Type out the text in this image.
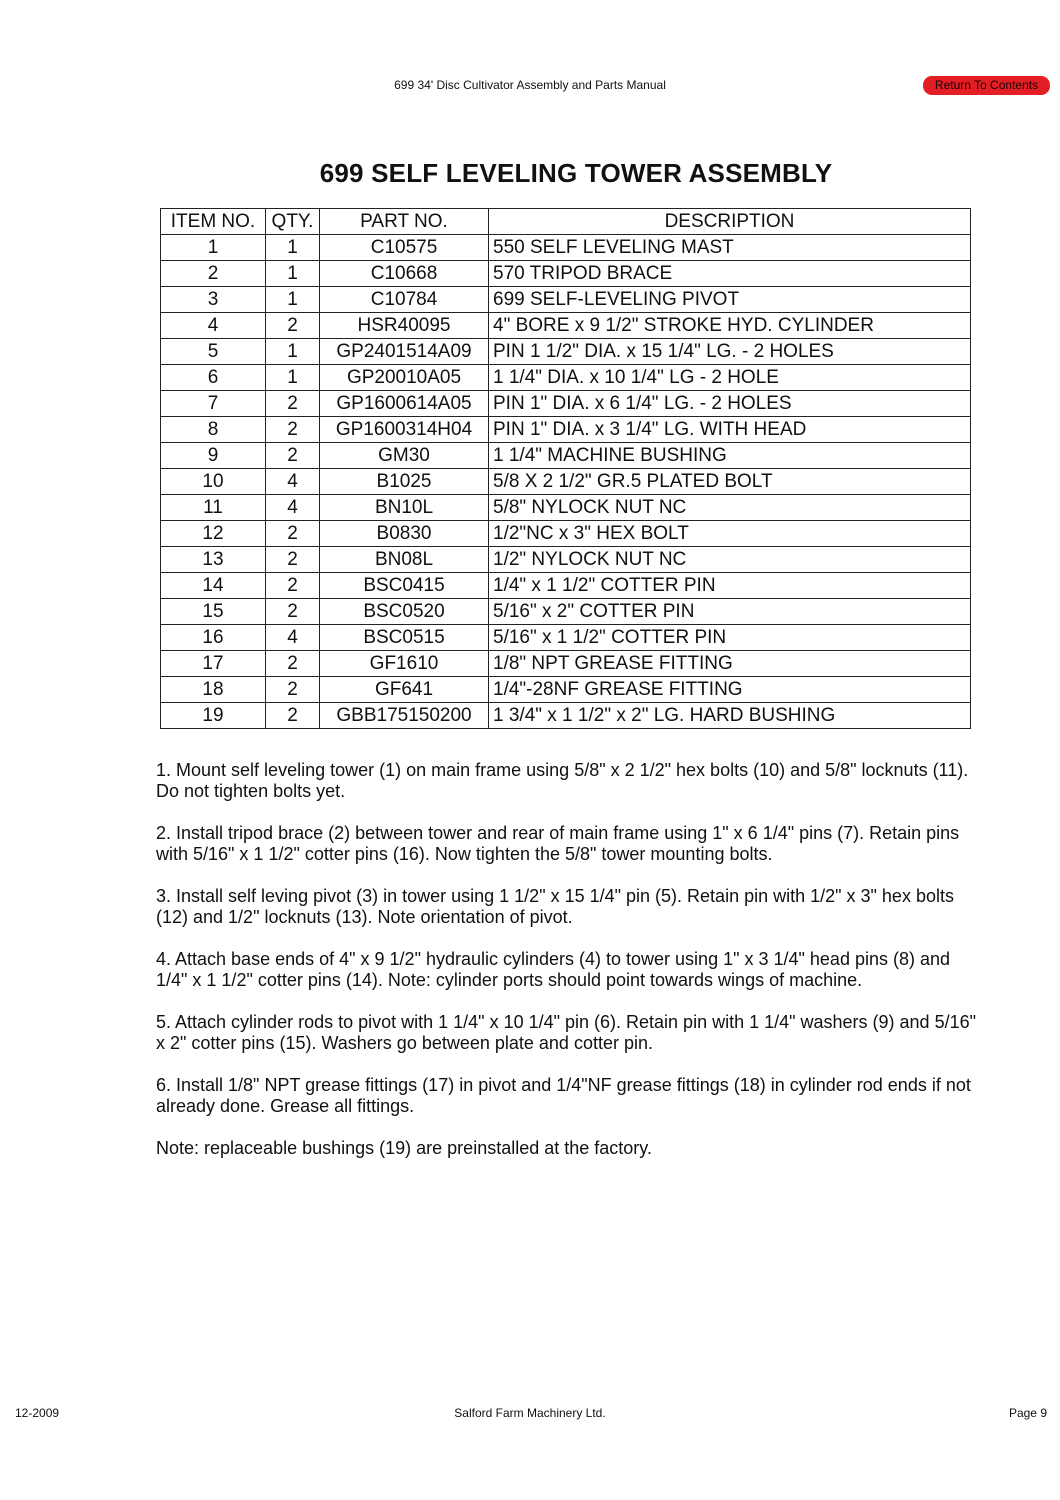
699 34' Disc Cultivator Assembly and Parts Manual	Return To Contents
699 SELF LEVELING TOWER ASSEMBLY
ITEM NO.	QTY.	PART NO.	DESCRIPTION
1	1	C10575	550 SELF LEVELING MAST
2	1	C10668	570 TRIPOD BRACE
3	1	C10784	699 SELF-LEVELING PIVOT
4	2	HSR40095	4" BORE x 9 1/2" STROKE HYD. CYLINDER
5	1	GP2401514A09	PIN 1 1/2" DIA. x 15 1/4" LG. - 2 HOLES
6	1	GP20010A05	1 1/4" DIA. x 10 1/4" LG - 2 HOLE
7	2	GP1600614A05	PIN 1" DIA. x 6 1/4" LG. - 2 HOLES
8	2	GP1600314H04	PIN 1" DIA. x 3 1/4" LG. WITH HEAD
9	2	GM30	1 1/4" MACHINE BUSHING
10	4	B1025	5/8 X 2 1/2" GR.5 PLATED BOLT
11	4	BN10L	5/8" NYLOCK NUT NC
12	2	B0830	1/2"NC x 3" HEX BOLT
13	2	BN08L	1/2" NYLOCK NUT NC
14	2	BSC0415	1/4" x 1 1/2" COTTER PIN
15	2	BSC0520	5/16" x 2" COTTER PIN
16	4	BSC0515	5/16" x 1 1/2" COTTER PIN
17	2	GF1610	1/8" NPT GREASE FITTING
18	2	GF641	1/4"-28NF GREASE FITTING
19	2	GBB175150200	1 3/4" x 1 1/2" x 2" LG. HARD BUSHING

1. Mount self leveling tower (1) on main frame using 5/8" x 2 1/2" hex bolts (10) and 5/8" locknuts (11). Do not tighten bolts yet.

2. Install tripod brace (2) between tower and rear of main frame using 1" x 6 1/4" pins (7). Retain pins with 5/16" x 1 1/2" cotter pins (16). Now tighten the 5/8" tower mounting bolts.

3. Install self leving pivot (3) in tower using 1 1/2" x 15 1/4" pin (5). Retain pin with 1/2" x 3" hex bolts (12) and 1/2" locknuts (13). Note orientation of pivot.

4. Attach base ends of 4" x 9 1/2" hydraulic cylinders (4) to tower using 1" x 3 1/4" head pins (8) and 1/4" x 1 1/2" cotter pins (14). Note: cylinder ports should point towards wings of machine.

5. Attach cylinder rods to pivot with 1 1/4" x 10 1/4" pin (6). Retain pin with 1 1/4" washers (9) and 5/16" x 2" cotter pins (15). Washers go between plate and cotter pin.

6. Install 1/8" NPT grease fittings (17) in pivot and 1/4"NF grease fittings (18) in cylinder rod ends if not already done. Grease all fittings.

Note: replaceable bushings (19) are preinstalled at the factory.

12-2009	Salford Farm Machinery Ltd.	Page 9
